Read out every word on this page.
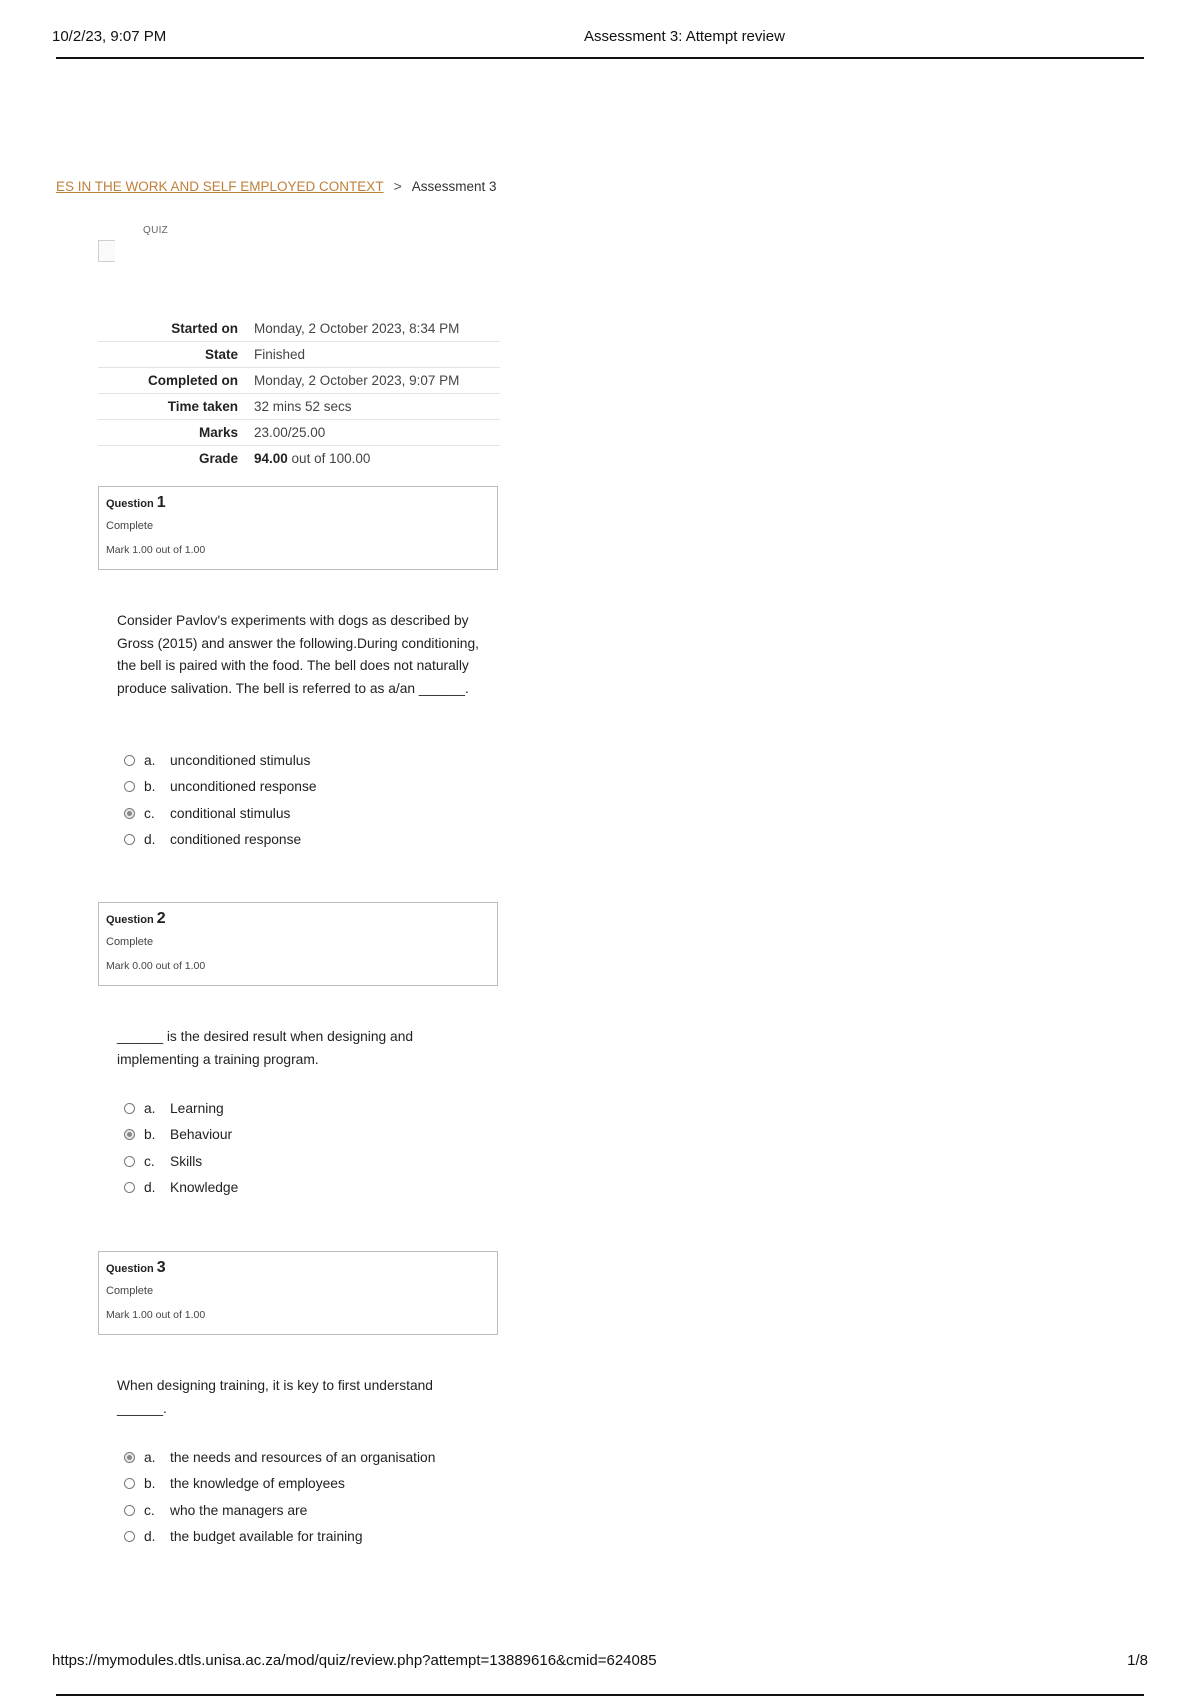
10/2/23, 9:07 PM	Assessment 3: Attempt review
ES IN THE WORK AND SELF EMPLOYED CONTEXT > Assessment 3
QUIZ
Started on	Monday, 2 October 2023, 8:34 PM
State	Finished
Completed on	Monday, 2 October 2023, 9:07 PM
Time taken	32 mins 52 secs
Marks	23.00/25.00
Grade	94.00 out of 100.00
Question 1
Complete
Mark 1.00 out of 1.00
Consider Pavlov's experiments with dogs as described by Gross (2015) and answer the following.During conditioning, the bell is paired with the food. The bell does not naturally produce salivation. The bell is referred to as a/an ______.
a.	unconditioned stimulus
b.	unconditioned response
c.	conditional stimulus
d.	conditioned response
Question 2
Complete
Mark 0.00 out of 1.00
______ is the desired result when designing and implementing a training program.
a.	Learning
b.	Behaviour
c.	Skills
d.	Knowledge
Question 3
Complete
Mark 1.00 out of 1.00
When designing training, it is key to first understand ______.
a.	the needs and resources of an organisation
b.	the knowledge of employees
c.	who the managers are
d.	the budget available for training
https://mymodules.dtls.unisa.ac.za/mod/quiz/review.php?attempt=13889616&cmid=624085	1/8
